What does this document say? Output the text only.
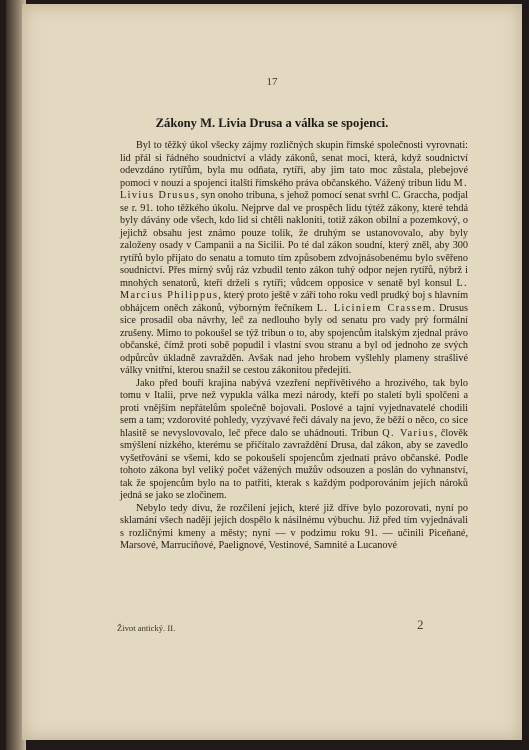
17
Zákony M. Livia Drusa a válka se spojenci.

Byl to těžký úkol všecky zájmy rozličných skupin římské společnosti vyrovnati: lid přál si řádného soudnictví a vlády zákonů, senat moci, která, když soudnictví odevzdáno rytířům, byla mu odňata, rytíři, aby jim tato moc zůstala, plebejové pomoci v nouzi a spojenci italští římského práva občanského. Vážený tribun lidu M. Livius Drusus, syn onoho tribuna, s jehož pomocí senat svrhl C. Graccha, podjal se r. 91. toho těžkého úkolu. Nejprve dal ve prospěch lidu týtéž zákony, které tehdá byly dávány ode všech, kdo lid si chtěli nakloniti, totiž zákon obilní a pozemkový, o jejichž obsahu jest známo pouze tolik, že druhým se ustanovovalo, aby byly založeny osady v Campanii a na Sicilii. Po té dal zákon soudní, který zněl, aby 300 rytířů bylo přijato do senatu a tomuto tím způsobem zdvojnásobenému bylo svěřeno soudnictví. Přes mírný svůj ráz vzbudil tento zákon tuhý odpor nejen rytířů, nýbrž i mnohých senatorů, kteří drželi s rytíři; vůdcem opposice v senatě byl konsul L. Marcius Philippus, který proto ještě v září toho roku vedl prudký boj s hlavním obhájcem oněch zákonů, výborným řečníkem L. Liciniem Crassem. Drusus sice prosadil oba návrhy, leč za nedlouho byly od senatu pro vady prý formální zrušeny. Mimo to pokoušel se týž tribun o to, aby spojencům italským zjednal právo občanské, čímž proti sobě popudil i vlastní svou stranu a byl od jednoho ze svých odpůrcův úkladně zavražděn. Avšak nad jeho hrobem vyšlehly plameny strašlivé války vnitřní, kterou snažil se cestou zákonitou předejíti.

Jako před bouří krajina nabývá vzezření nepřívětivého a hrozivého, tak bylo tomu v Italii, prve než vypukla válka mezi národy, kteří po staletí byli spolčeni a proti vnějším nepřátelům společně bojovali. Poslové a tajní vyjednavatelé chodili sem a tam; vzdorovité pohledy, vyzývavé řeči dávaly na jevo, že běží o něco, co sice hlasitě se nevyslovovalo, leč přece dalo se uhádnouti. Tribun Q. Varius, člověk smýšlení nízkého, kterému se přičítalo zavraždění Drusa, dal zákon, aby se zavedlo vyšetřování se všemi, kdo se pokoušeli spojencům zjednati právo občanské. Podle tohoto zákona byl veliký počet vážených mužův odsouzen a poslán do vyhnanství, tak že spojencům bylo na to patřiti, kterak s každým podporováním jejích nároků jedná se jako se zločinem.

Nebylo tedy divu, že rozčilení jejich, které již dříve bylo pozorovati, nyní po sklamání všech nadějí jejich dospělo k násilnému výbuchu. Již před tím vyjednávali s rozličnými kmeny a městy; nyní — v podzimu roku 91. — učinili Piceňané, Marsové, Marruciňové, Paelignové, Vestinové, Samnité a Lucanové

Život antický. II.	2
